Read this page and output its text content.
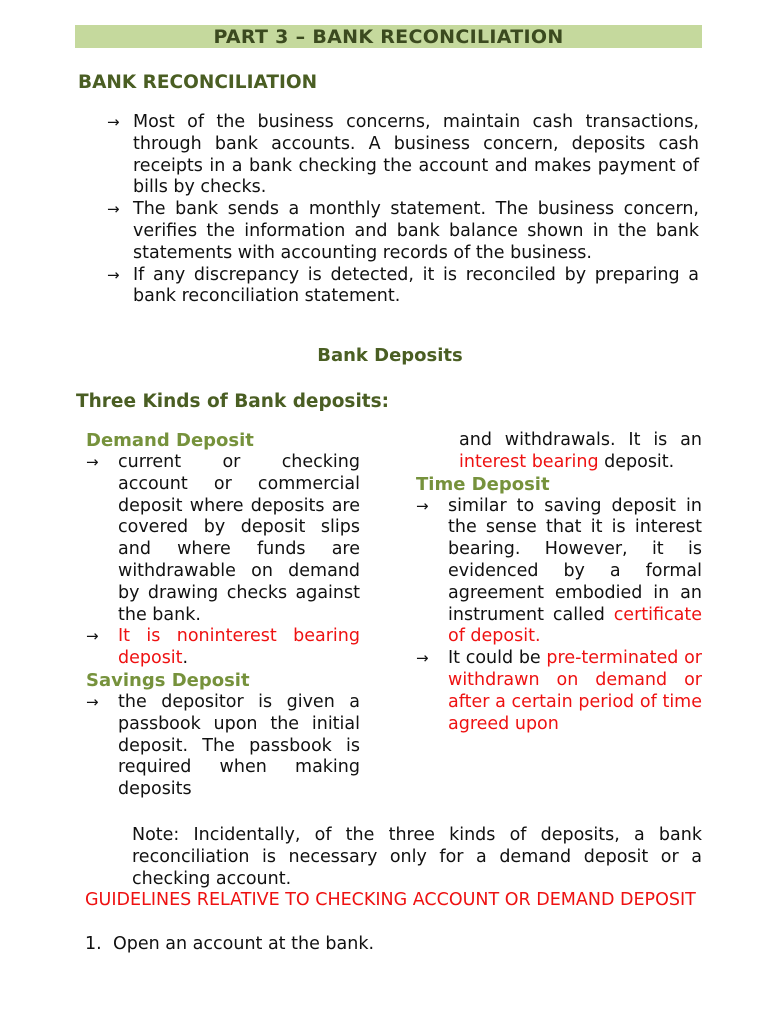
PART 3 – BANK RECONCILIATION
BANK RECONCILIATION
→ Most of the business concerns, maintain cash transactions, through bank accounts. A business concern, deposits cash receipts in a bank checking the account and makes payment of bills by checks.
→ The bank sends a monthly statement. The business concern, verifies the information and bank balance shown in the bank statements with accounting records of the business.
→ If any discrepancy is detected, it is reconciled by preparing a bank reconciliation statement.
Bank Deposits
Three Kinds of Bank deposits:
Demand Deposit
→ current or checking account or commercial deposit where deposits are covered by deposit slips and where funds are withdrawable on demand by drawing checks against the bank.
→ It is noninterest bearing deposit.
Savings Deposit
→ the depositor is given a passbook upon the initial deposit. The passbook is required when making deposits
and withdrawals. It is an interest bearing deposit.
Time Deposit
→ similar to saving deposit in the sense that it is interest bearing. However, it is evidenced by a formal agreement embodied in an instrument called certificate of deposit.
→ It could be pre-terminated or withdrawn on demand or after a certain period of time agreed upon
Note: Incidentally, of the three kinds of deposits, a bank reconciliation is necessary only for a demand deposit or a checking account.
GUIDELINES RELATIVE TO CHECKING ACCOUNT OR DEMAND DEPOSIT
1. Open an account at the bank.
